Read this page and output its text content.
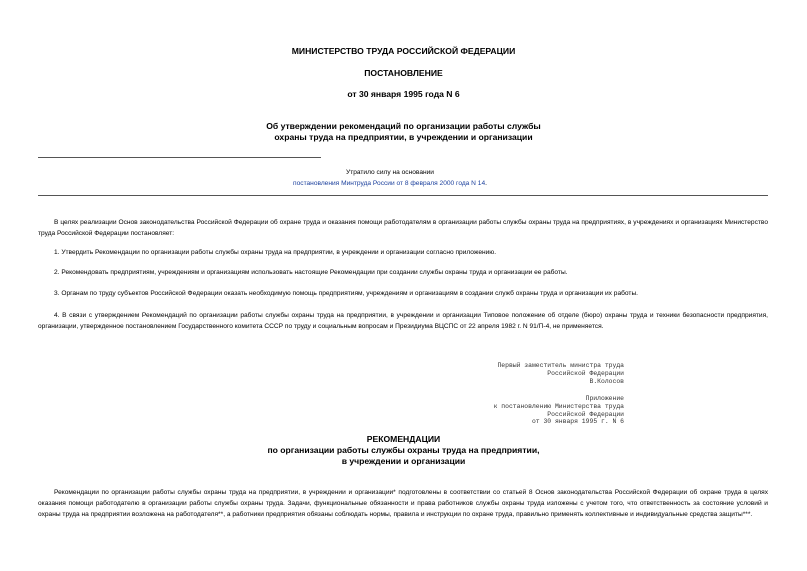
МИНИСТЕРСТВО ТРУДА РОССИЙСКОЙ ФЕДЕРАЦИИ
ПОСТАНОВЛЕНИЕ
от 30 января 1995 года N 6
Об утверждении рекомендаций по организации работы службы
охраны труда на предприятии, в учреждении и организации
Утратило силу на основании
постановления Минтруда России от 8 февраля 2000 года N 14.
В целях реализации Основ законодательства Российской Федерации об охране труда и оказания помощи работодателям в организации работы службы охраны труда на предприятиях, в учреждениях и организациях Министерство труда Российской Федерации постановляет:
1. Утвердить Рекомендации по организации работы службы охраны труда на предприятии, в учреждении и организации согласно приложению.
2. Рекомендовать предприятиям, учреждениям и организациям использовать настоящие Рекомендации при создании службы охраны труда и организации ее работы.
3. Органам по труду субъектов Российской Федерации оказать необходимую помощь предприятиям, учреждениям и организациям в создании служб охраны труда и организации их работы.
4. В связи с утверждением Рекомендаций по организации работы службы охраны труда на предприятии, в учреждении и организации Типовое положение об отделе (бюро) охраны труда и техники безопасности предприятия, организации, утвержденное постановлением Государственного комитета СССР по труду и социальным вопросам и Президиума ВЦСПС от 22 апреля 1982 г. N 91/П-4, не применяется.
Первый заместитель министра труда
Российской Федерации
В.Колосов
Приложение
к постановлению Министерства труда
Российской Федерации
от 30 января 1995 г. N 6
РЕКОМЕНДАЦИИ
по организации работы службы охраны труда на предприятии,
в учреждении и организации
Рекомендации по организации работы службы охраны труда на предприятии, в учреждении и организации* подготовлены в соответствии со статьей 8 Основ законодательства Российской Федерации об охране труда в целях оказания помощи работодателю в организации работы службы охраны труда. Задачи, функциональные обязанности и права работников службы охраны труда изложены с учетом того, что ответственность за состояние условий и охраны труда на предприятии возложена на работодателя**, а работники предприятия обязаны соблюдать нормы, правила и инструкции по охране труда, правильно применять коллективные и индивидуальные средства защиты***.
